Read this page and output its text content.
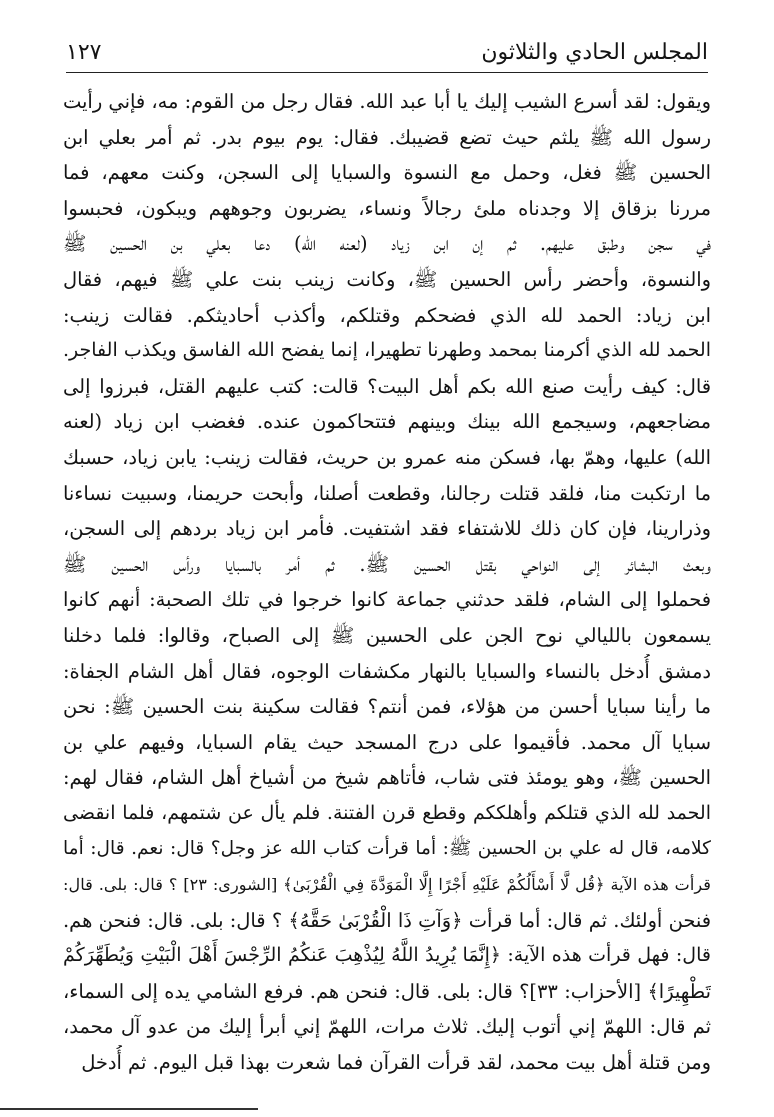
المجلس الحادي والثلاثون
١٢٧
ويقول: لقد أسرع الشيب إليك يا أبا عبد الله. فقال رجل من القوم: مه، فإني رأيت
رسول الله ﷺ يلثم حيث تضع قضيبك. فقال: يوم بيوم بدر. ثم أمر بعلي ابن
الحسين ﷺ فغل، وحمل مع النسوة والسبايا إلى السجن، وكنت معهم، فما
مررنا بزقاق إلا وجدناه ملئ رجالاً ونساء، يضربون وجوههم ويبكون، فحبسوا
في سجن وطبق عليهم. ثم إن ابن زياد (لعنه الله) دعا بعلي بن الحسين ﷺ
والنسوة، وأحضر رأس الحسين ﷺ، وكانت زينب بنت علي ﷺ فيهم، فقال
ابن زياد: الحمد لله الذي فضحكم وقتلكم، وأكذب أحاديثكم. فقالت زينب:
الحمد لله الذي أكرمنا بمحمد وطهرنا تطهيرا، إنما يفضح الله الفاسق ويكذب الفاجر.
قال: كيف رأيت صنع الله بكم أهل البيت؟ قالت: كتب عليهم القتل، فبرزوا إلى
مضاجعهم، وسيجمع الله بينك وبينهم فتتحاكمون عنده. فغضب ابن زياد (لعنه
الله) عليها، وهمّ بها، فسكن منه عمرو بن حريث، فقالت زينب: يابن زياد، حسبك
ما ارتكبت منا، فلقد قتلت رجالنا، وقطعت أصلنا، وأبحت حريمنا، وسبيت نساءنا
وذرارينا، فإن كان ذلك للاشتفاء فقد اشتفيت. فأمر ابن زياد بردهم إلى السجن،
وبعث البشائر إلى النواحي بقتل الحسين ﷺ. ثم أمر بالسبايا ورأس الحسين ﷺ
فحملوا إلى الشام، فلقد حدثني جماعة كانوا خرجوا في تلك الصحبة: أنهم كانوا
يسمعون بالليالي نوح الجن على الحسين ﷺ إلى الصباح، وقالوا: فلما دخلنا
دمشق أُدخل بالنساء والسبايا بالنهار مكشفات الوجوه، فقال أهل الشام الجفاة:
ما رأينا سبايا أحسن من هؤلاء، فمن أنتم؟ فقالت سكينة بنت الحسين ﷺ: نحن
سبايا آل محمد. فأقيموا على درج المسجد حيث يقام السبايا، وفيهم علي بن
الحسين ﷺ، وهو يومئذ فتى شاب، فأتاهم شيخ من أشياخ أهل الشام، فقال لهم:
الحمد لله الذي قتلكم وأهلككم وقطع قرن الفتنة. فلم يأل عن شتمهم، فلما انقضى
كلامه، قال له علي بن الحسين ﷺ: أما قرأت كتاب الله عز وجل؟ قال: نعم. قال: أما
قرأت هذه الآية ﴿قُل لَّا أَسْأَلُكُمْ عَلَيْهِ أَجْرًا إِلَّا الْمَوَدَّةَ فِي الْقُرْبَىٰ﴾ [الشورى: ٢٣] ؟ قال: بلى. قال:
فنحن أولئك. ثم قال: أما قرأت ﴿وَآتِ ذَا الْقُرْبَىٰ حَقَّهُ﴾ ؟ قال: بلى. قال: فنحن هم.
قال: فهل قرأت هذه الآية: ﴿إِنَّمَا يُرِيدُ اللَّهُ لِيُذْهِبَ عَنكُمُ الرِّجْسَ أَهْلَ الْبَيْتِ وَيُطَهِّرَكُمْ
تَطْهِيرًا﴾ [الأحزاب: ٣٣]؟ قال: بلى. قال: فنحن هم. فرفع الشامي يده إلى السماء،
ثم قال: اللهمّ إني أتوب إليك. ثلاث مرات، اللهمّ إني أبرأ إليك من عدو آل محمد،
ومن قتلة أهل بيت محمد، لقد قرأت القرآن فما شعرت بهذا قبل اليوم. ثم أُدخل
